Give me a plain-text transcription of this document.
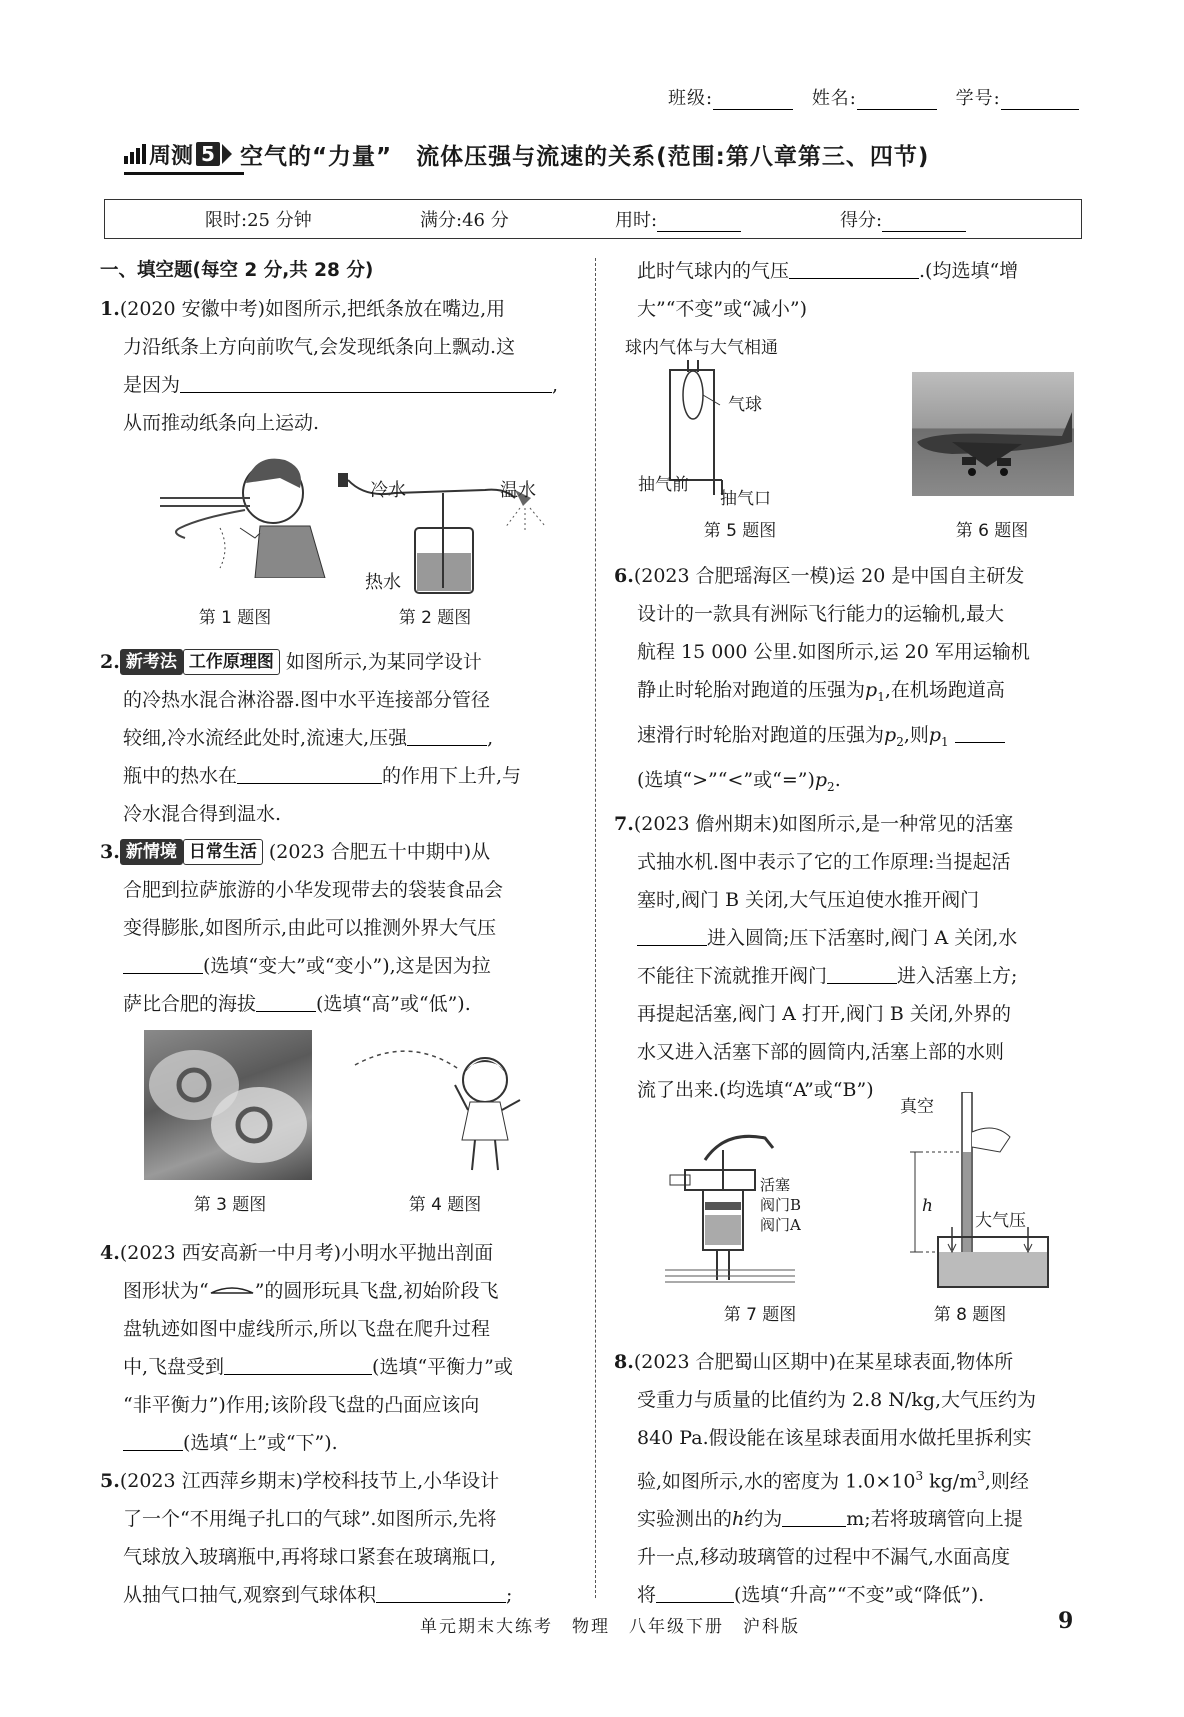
班级:	姓名:	学号:
周测 5 空气的“力量”　流体压强与流速的关系(范围:第八章第三、四节)
限时:25 分钟	满分:46 分	用时:	得分:

一、填空题(每空 2 分,共 28 分)

1.(2020 安徽中考)如图所示,把纸条放在嘴边,用

力沿纸条上方向前吹气,会发现纸条向上飘动.这

是因为	,

从而推动纸条向上运动.

第 1 题图
冷水	温水
热水
第 2 题图

2. 新考法 工作原理图 如图所示,为某同学设计

的冷热水混合淋浴器.图中水平连接部分管径

较细,冷水流经此处时,流速大,压强	,

瓶中的热水在	的作用下上升,与

冷水混合得到温水.

3. 新情境 日常生活 (2023 合肥五十中期中)从

合肥到拉萨旅游的小华发现带去的袋装食品会

变得膨胀,如图所示,由此可以推测外界大气压

(选填“变大”或“变小”),这是因为拉

萨比合肥的海拔	(选填“高”或“低”).

第 3 题图	第 4 题图

4.(2023 西安高新一中月考)小明水平抛出剖面

图形状为“ ”的圆形玩具飞盘,初始阶段飞

盘轨迹如图中虚线所示,所以飞盘在爬升过程

中,飞盘受到	(选填“平衡力”或

“非平衡力”)作用;该阶段飞盘的凸面应该向

(选填“上”或“下”).

5.(2023 江西萍乡期末)学校科技节上,小华设计

了一个“不用绳子扎口的气球”.如图所示,先将

气球放入玻璃瓶中,再将球口紧套在玻璃瓶口,

从抽气口抽气,观察到气球体积	;

此时气球内的气压	.(均选填“增

大”“不变”或“减小”)

球内气体与大气相通
气球
抽气前
抽气口
第 5 题图	第 6 题图

6.(2023 合肥瑶海区一模)运 20 是中国自主研发

设计的一款具有洲际飞行能力的运输机,最大

航程 15 000 公里.如图所示,运 20 军用运输机

静止时轮胎对跑道的压强为$p_1$,在机场跑道高

速滑行时轮胎对跑道的压强为$p_2$,则$p_1$

(选填“>”“<”或“$=”)p_2$.

7.(2023 儋州期末)如图所示,是一种常见的活塞

式抽水机.图中表示了它的工作原理:当提起活

塞时,阀门 B 关闭,大气压迫使水推开阀门

进入圆筒;压下活塞时,阀门 A 关闭,水

不能往下流就推开阀门	进入活塞上方;

再提起活塞,阀门 A 打开,阀门 B 关闭,外界的

水又进入活塞下部的圆筒内,活塞上部的水则

流了出来.(均选填“A”或“B”)

活塞
阀门B
阀门A
第 7 题图
真空
h
大气压
第 8 题图

8.(2023 合肥蜀山区期中)在某星球表面,物体所

受重力与质量的比值约为 2.8 N/kg,大气压约为

840 Pa.假设能在该星球表面用水做托里拆利实

验,如图所示,水的密度为 $1.0\times 10^3$ $kg/m^3$,则经

实验测出的h约为	m;若将玻璃管向上提

升一点,移动玻璃管的过程中不漏气,水面高度

将	(选填“升高”“不变”或“降低”).

单元期末大练考　物理　八年级下册　沪科版	9
